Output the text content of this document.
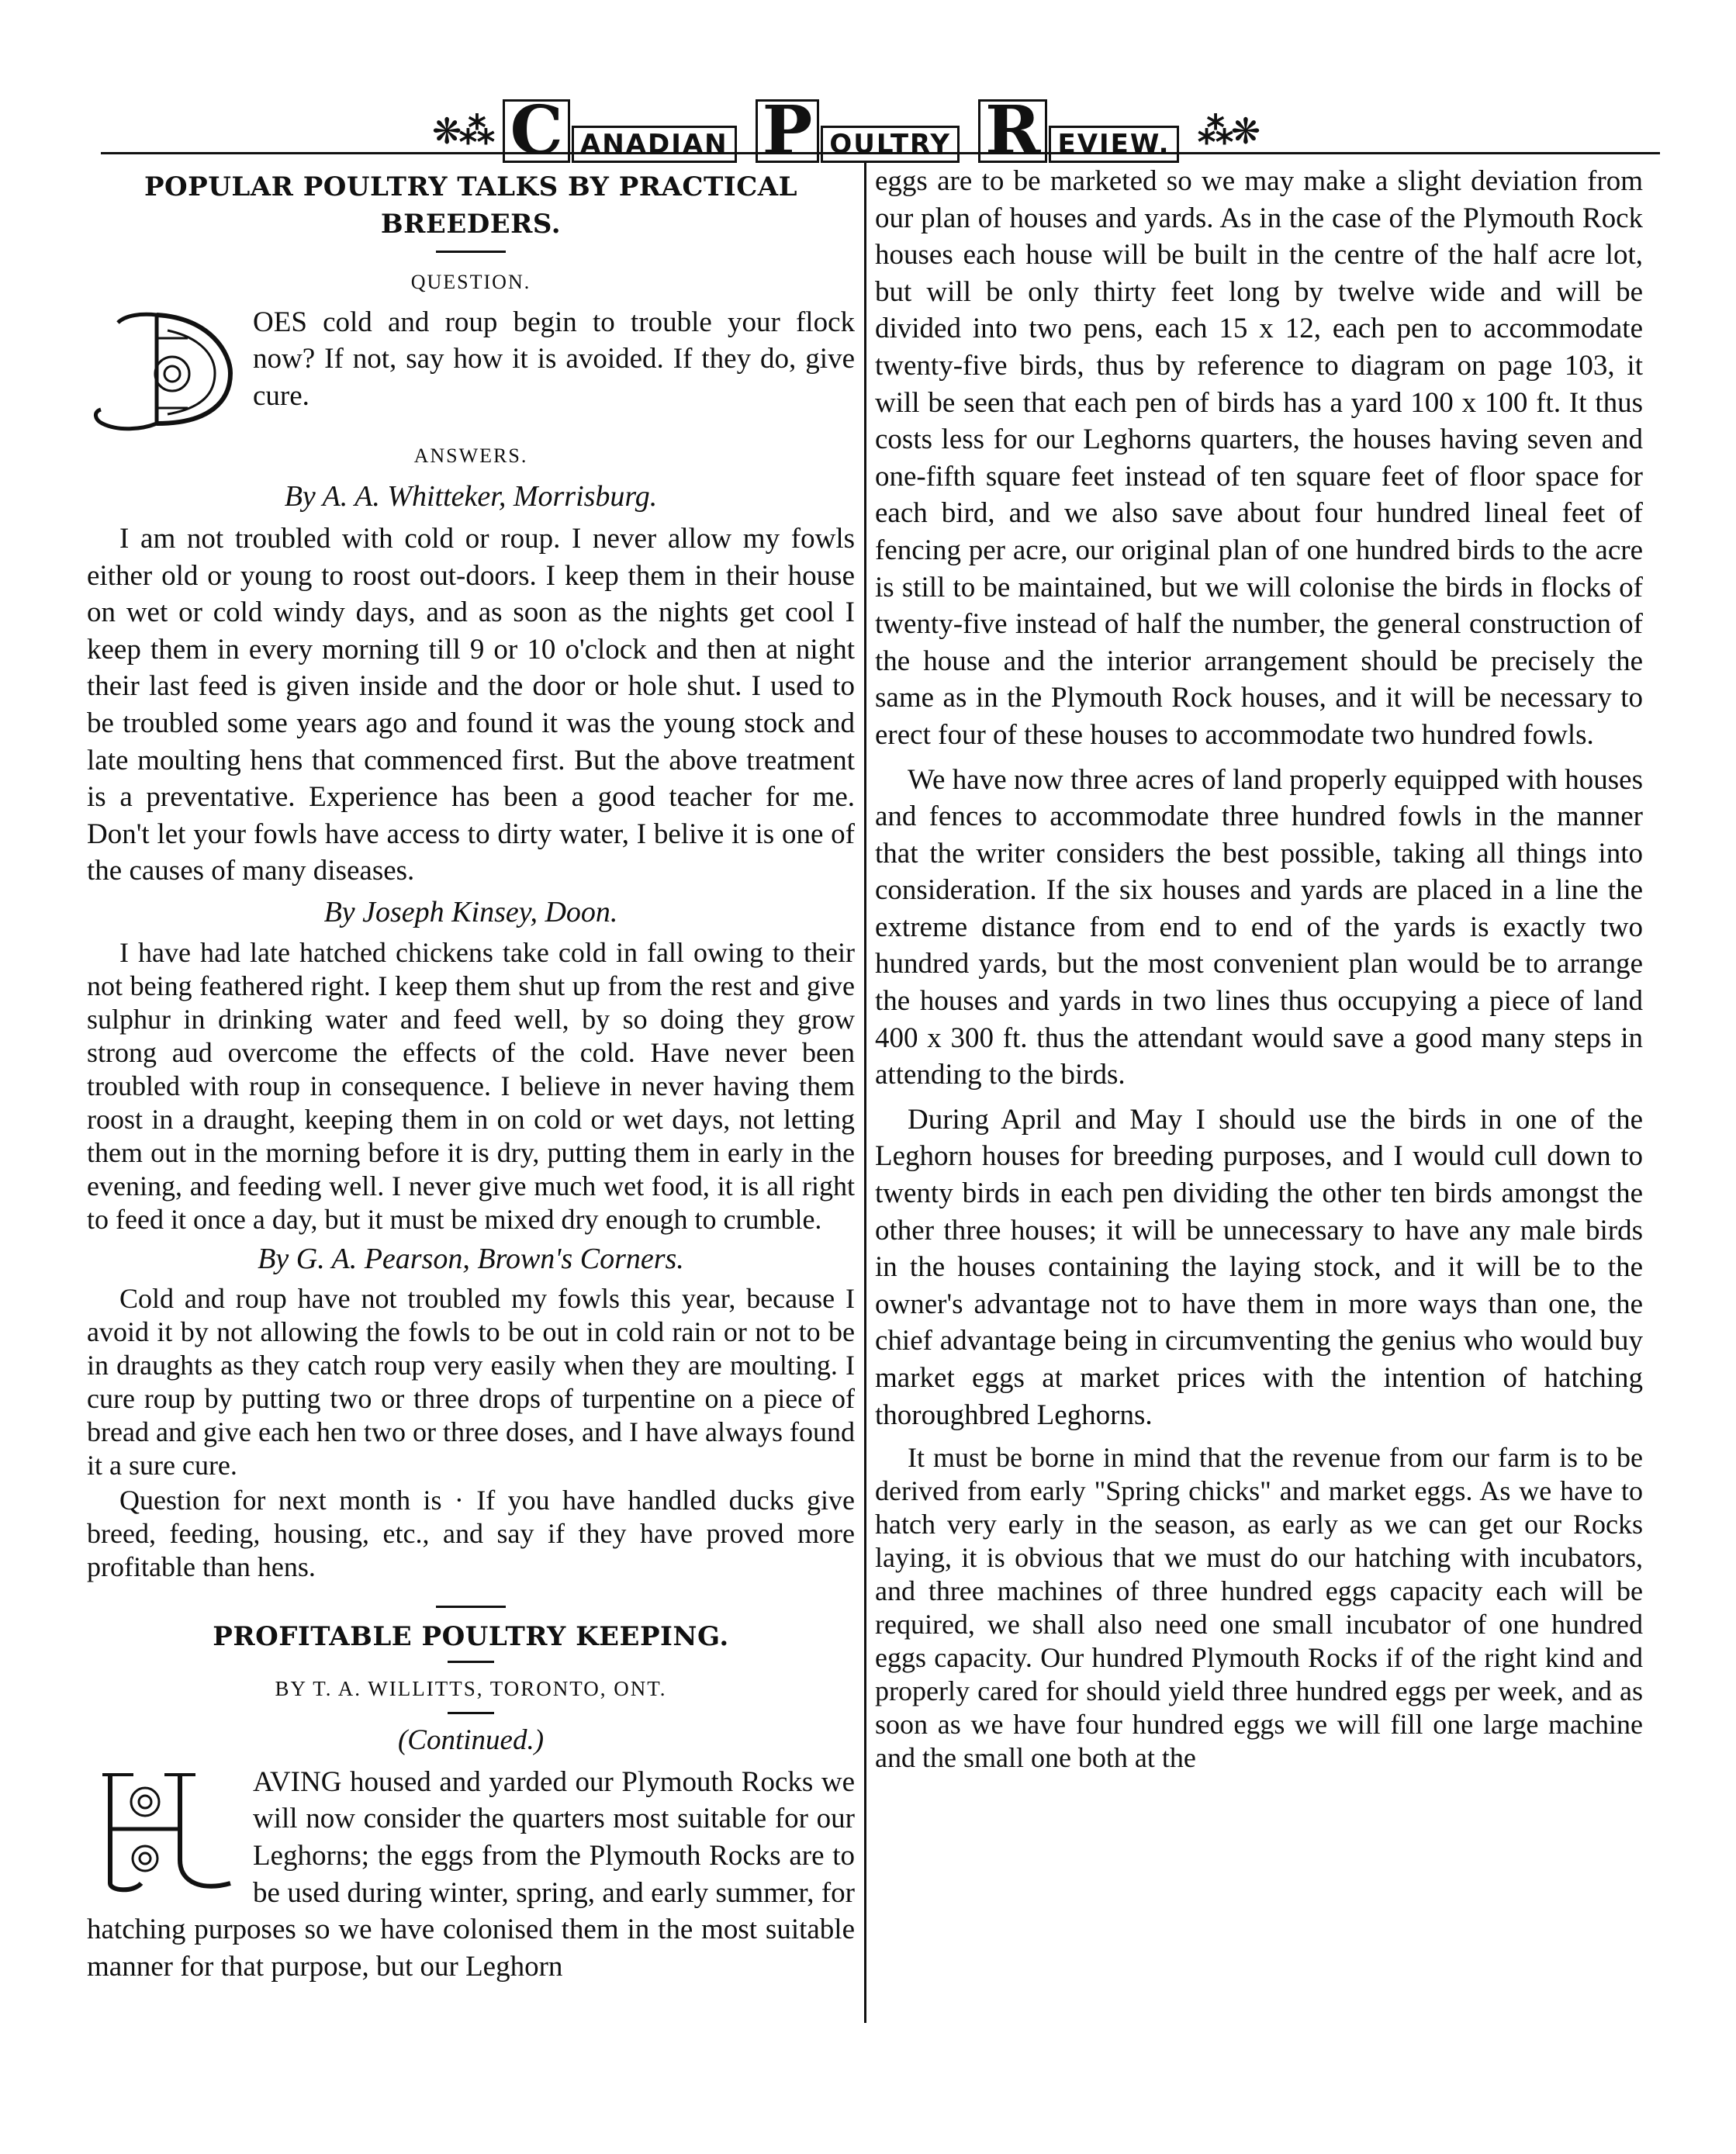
❋⁂ C ANADIAN P OULTRY R EVIEW. ⁂❋
POPULAR POULTRY TALKS BY PRACTICAL BREEDERS.
QUESTION.

OES cold and roup begin to trouble your flock now? If not, say how it is avoided. If they do, give cure.

ANSWERS.
By A. A. Whitteker, Morrisburg.

I am not troubled with cold or roup. I never allow my fowls either old or young to roost out-doors. I keep them in their house on wet or cold windy days, and as soon as the nights get cool I keep them in every morning till 9 or 10 o'clock and then at night their last feed is given inside and the door or hole shut. I used to be troubled some years ago and found it was the young stock and late moulting hens that commenced first. But the above treatment is a preventative. Experience has been a good teacher for me. Don't let your fowls have access to dirty water, I belive it is one of the causes of many diseases.

By Joseph Kinsey, Doon.

I have had late hatched chickens take cold in fall owing to their not being feathered right. I keep them shut up from the rest and give sulphur in drinking water and feed well, by so doing they grow strong aud overcome the effects of the cold. Have never been troubled with roup in consequence. I believe in never having them roost in a draught, keeping them in on cold or wet days, not letting them out in the morning before it is dry, putting them in early in the evening, and feeding well. I never give much wet food, it is all right to feed it once a day, but it must be mixed dry enough to crumble.

By G. A. Pearson, Brown's Corners.

Cold and roup have not troubled my fowls this year, because I avoid it by not allowing the fowls to be out in cold rain or not to be in draughts as they catch roup very easily when they are moulting. I cure roup by putting two or three drops of turpentine on a piece of bread and give each hen two or three doses, and I have always found it a sure cure.

Question for next month is · If you have handled ducks give breed, feeding, housing, etc., and say if they have proved more profitable than hens.

PROFITABLE POULTRY KEEPING.
BY T. A. WILLITTS, TORONTO, ONT.
(Continued.)

AVING housed and yarded our Plymouth Rocks we will now consider the quarters most suitable for our Leghorns; the eggs from the Plymouth Rocks are to be used during winter, spring, and early summer, for hatching purposes so we have colonised them in the most suitable manner for that purpose, but our Leghorn

eggs are to be marketed so we may make a slight deviation from our plan of houses and yards. As in the case of the Plymouth Rock houses each house will be built in the centre of the half acre lot, but will be only thirty feet long by twelve wide and will be divided into two pens, each 15 x 12, each pen to accommodate twenty-five birds, thus by reference to diagram on page 103, it will be seen that each pen of birds has a yard 100 x 100 ft. It thus costs less for our Leghorns quarters, the houses having seven and one-fifth square feet instead of ten square feet of floor space for each bird, and we also save about four hundred lineal feet of fencing per acre, our original plan of one hundred birds to the acre is still to be maintained, but we will colonise the birds in flocks of twenty-five instead of half the number, the general construction of the house and the interior arrangement should be precisely the same as in the Plymouth Rock houses, and it will be necessary to erect four of these houses to accommodate two hundred fowls.

We have now three acres of land properly equipped with houses and fences to accommodate three hundred fowls in the manner that the writer considers the best possible, taking all things into consideration. If the six houses and yards are placed in a line the extreme distance from end to end of the yards is exactly two hundred yards, but the most convenient plan would be to arrange the houses and yards in two lines thus occupying a piece of land 400 x 300 ft. thus the attendant would save a good many steps in attending to the birds.

During April and May I should use the birds in one of the Leghorn houses for breeding purposes, and I would cull down to twenty birds in each pen dividing the other ten birds amongst the other three houses; it will be unnecessary to have any male birds in the houses containing the laying stock, and it will be to the owner's advantage not to have them in more ways than one, the chief advantage being in circumventing the genius who would buy market eggs at market prices with the intention of hatching thoroughbred Leghorns.

It must be borne in mind that the revenue from our farm is to be derived from early "Spring chicks" and market eggs. As we have to hatch very early in the season, as early as we can get our Rocks laying, it is obvious that we must do our hatching with incubators, and three machines of three hundred eggs capacity each will be required, we shall also need one small incubator of one hundred eggs capacity. Our hundred Plymouth Rocks if of the right kind and properly cared for should yield three hundred eggs per week, and as soon as we have four hundred eggs we will fill one large machine and the small one both at the
